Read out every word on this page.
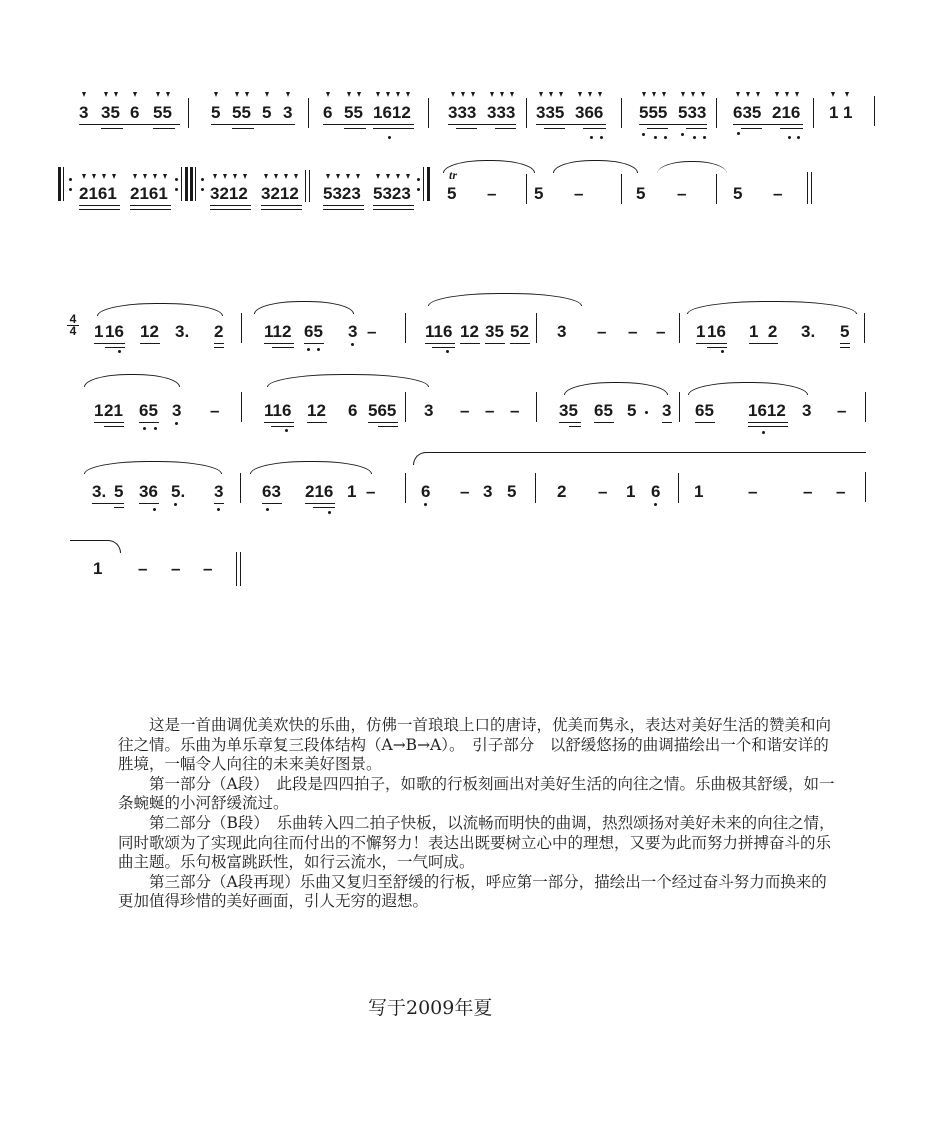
3 35 6 55 5 55 5 3 6 55 1612 333 333 335 366 555 533 635 216 1 1
2161 2161 3212 3212 5323 5323
tr
5 – 5 –	5 –	5 –
4
4 1 16 12 3. 2 112 65 3 –	116 12 35 52 3 – – – 1 16 1  2 3. 5
1 21 65 3 –	116 12 6 565 3 – – – 35 65 5 3 65 1612 3 –
3. 5 36 5. 3 63 216 1 –	6 – 3 5 2 – 1 6 1	–	– –
1 – – –

这是一首曲调优美欢快的乐曲，仿佛一首琅琅上口的唐诗，优美而隽永，表达对美好生活的赞美和向往之情。乐曲为单乐章复三段体结构（A→B→A）。　引子部分　以舒缓悠扬的曲调描绘出一个和谐安详的胜境，一幅令人向往的未来美好图景。

第一部分（A段）　此段是四四拍子，如歌的行板刻画出对美好生活的向往之情。乐曲极其舒缓，如一条蜿蜒的小河舒缓流过。

第二部分（B段）　乐曲转入四二拍子快板，以流畅而明快的曲调，热烈颂扬对美好未来的向往之情，同时歌颂为了实现此向往而付出的不懈努力！表达出既要树立心中的理想，又要为此而努力拼搏奋斗的乐曲主题。乐句极富跳跃性，如行云流水，一气呵成。

第三部分（A段再现）乐曲又复归至舒缓的行板，呼应第一部分，描绘出一个经过奋斗努力而换来的更加值得珍惜的美好画面，引人无穷的遐想。

写于2009年夏
